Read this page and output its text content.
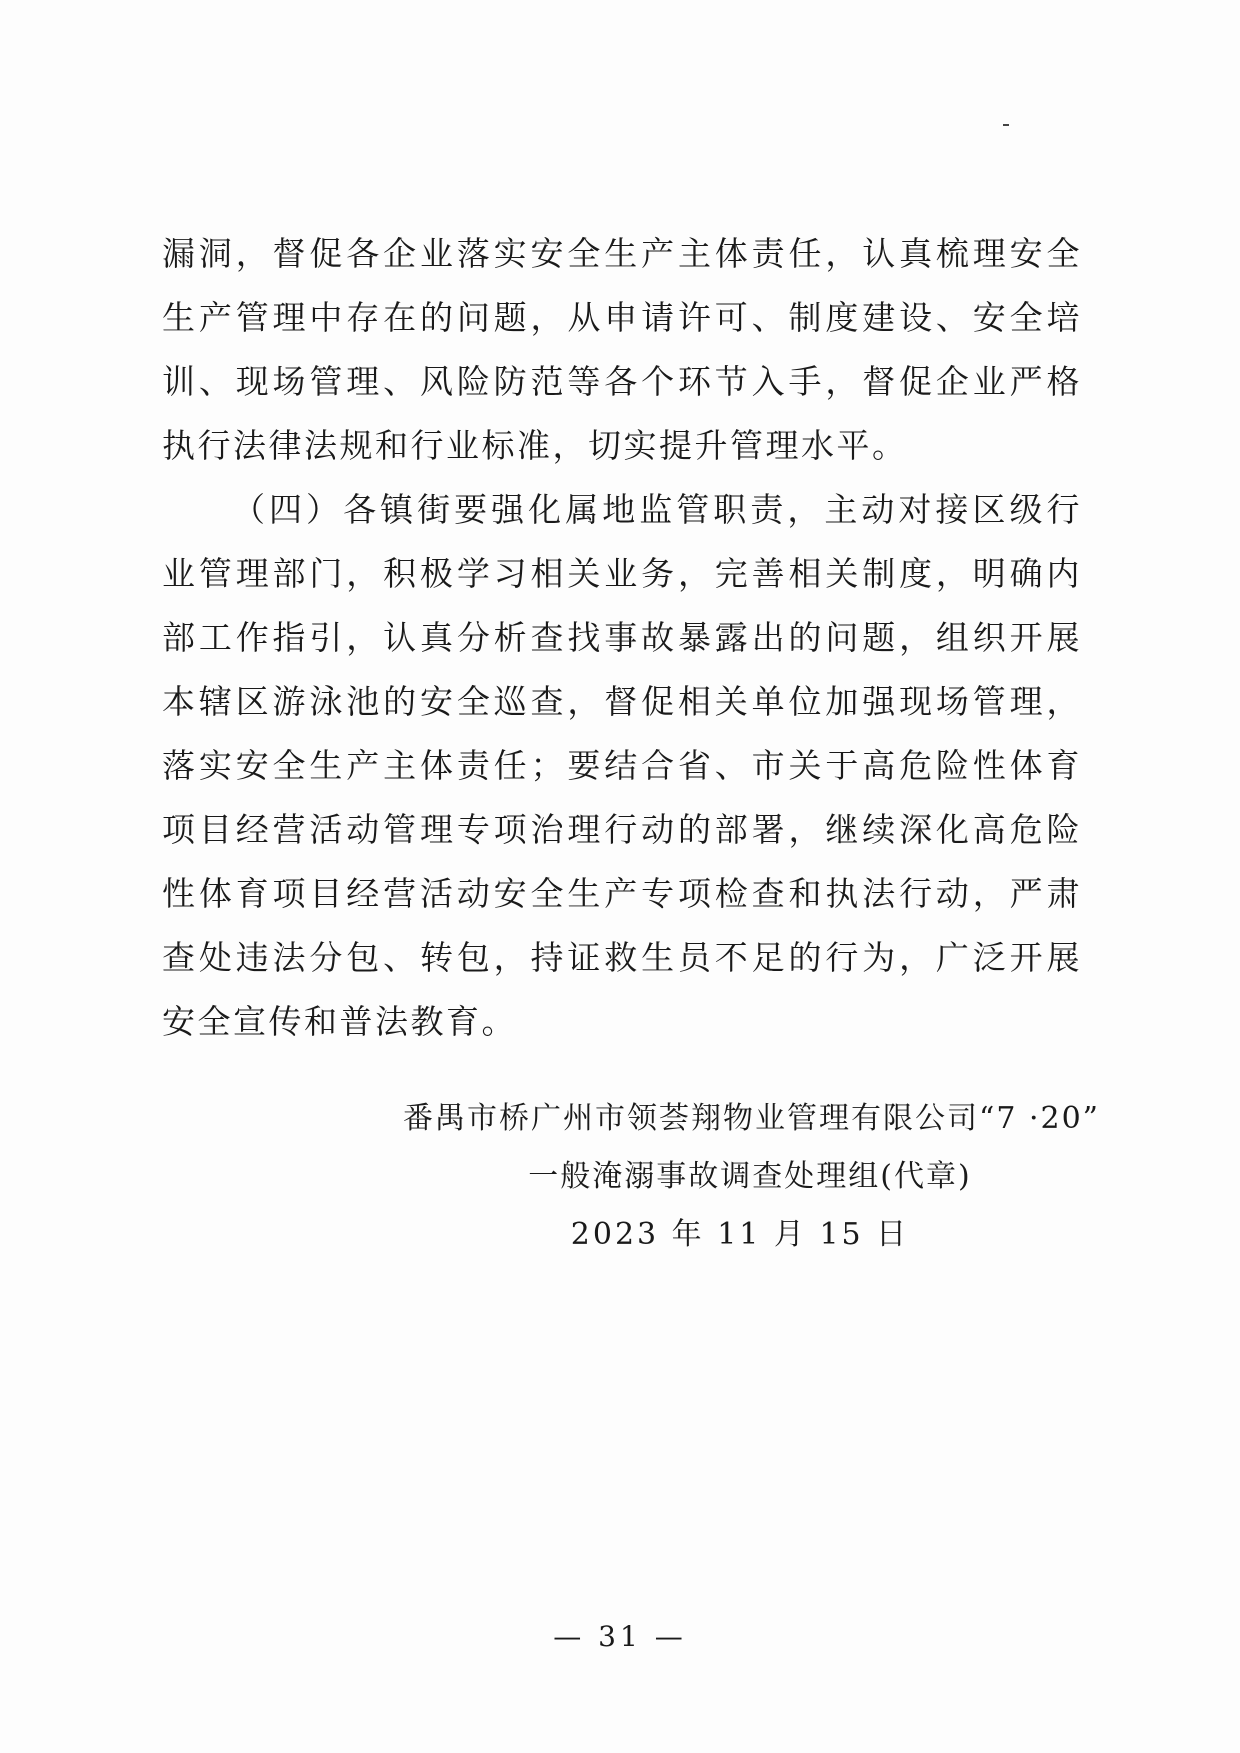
漏洞，督促各企业落实安全生产主体责任，认真梳理安全生产管理中存在的问题，从申请许可、制度建设、安全培训、现场管理、风险防范等各个环节入手，督促企业严格执行法律法规和行业标准，切实提升管理水平。

（四）各镇街要强化属地监管职责，主动对接区级行业管理部门，积极学习相关业务，完善相关制度，明确内部工作指引，认真分析查找事故暴露出的问题，组织开展本辖区游泳池的安全巡查，督促相关单位加强现场管理，落实安全生产主体责任；要结合省、市关于高危险性体育项目经营活动管理专项治理行动的部署，继续深化高危险性体育项目经营活动安全生产专项检查和执法行动，严肃查处违法分包、转包，持证救生员不足的行为，广泛开展安全宣传和普法教育。

番禺市桥广州市领荟翔物业管理有限公司“7 ·20”
一般淹溺事故调查处理组(代章)
2023 年 11 月 15 日
— 31 —
